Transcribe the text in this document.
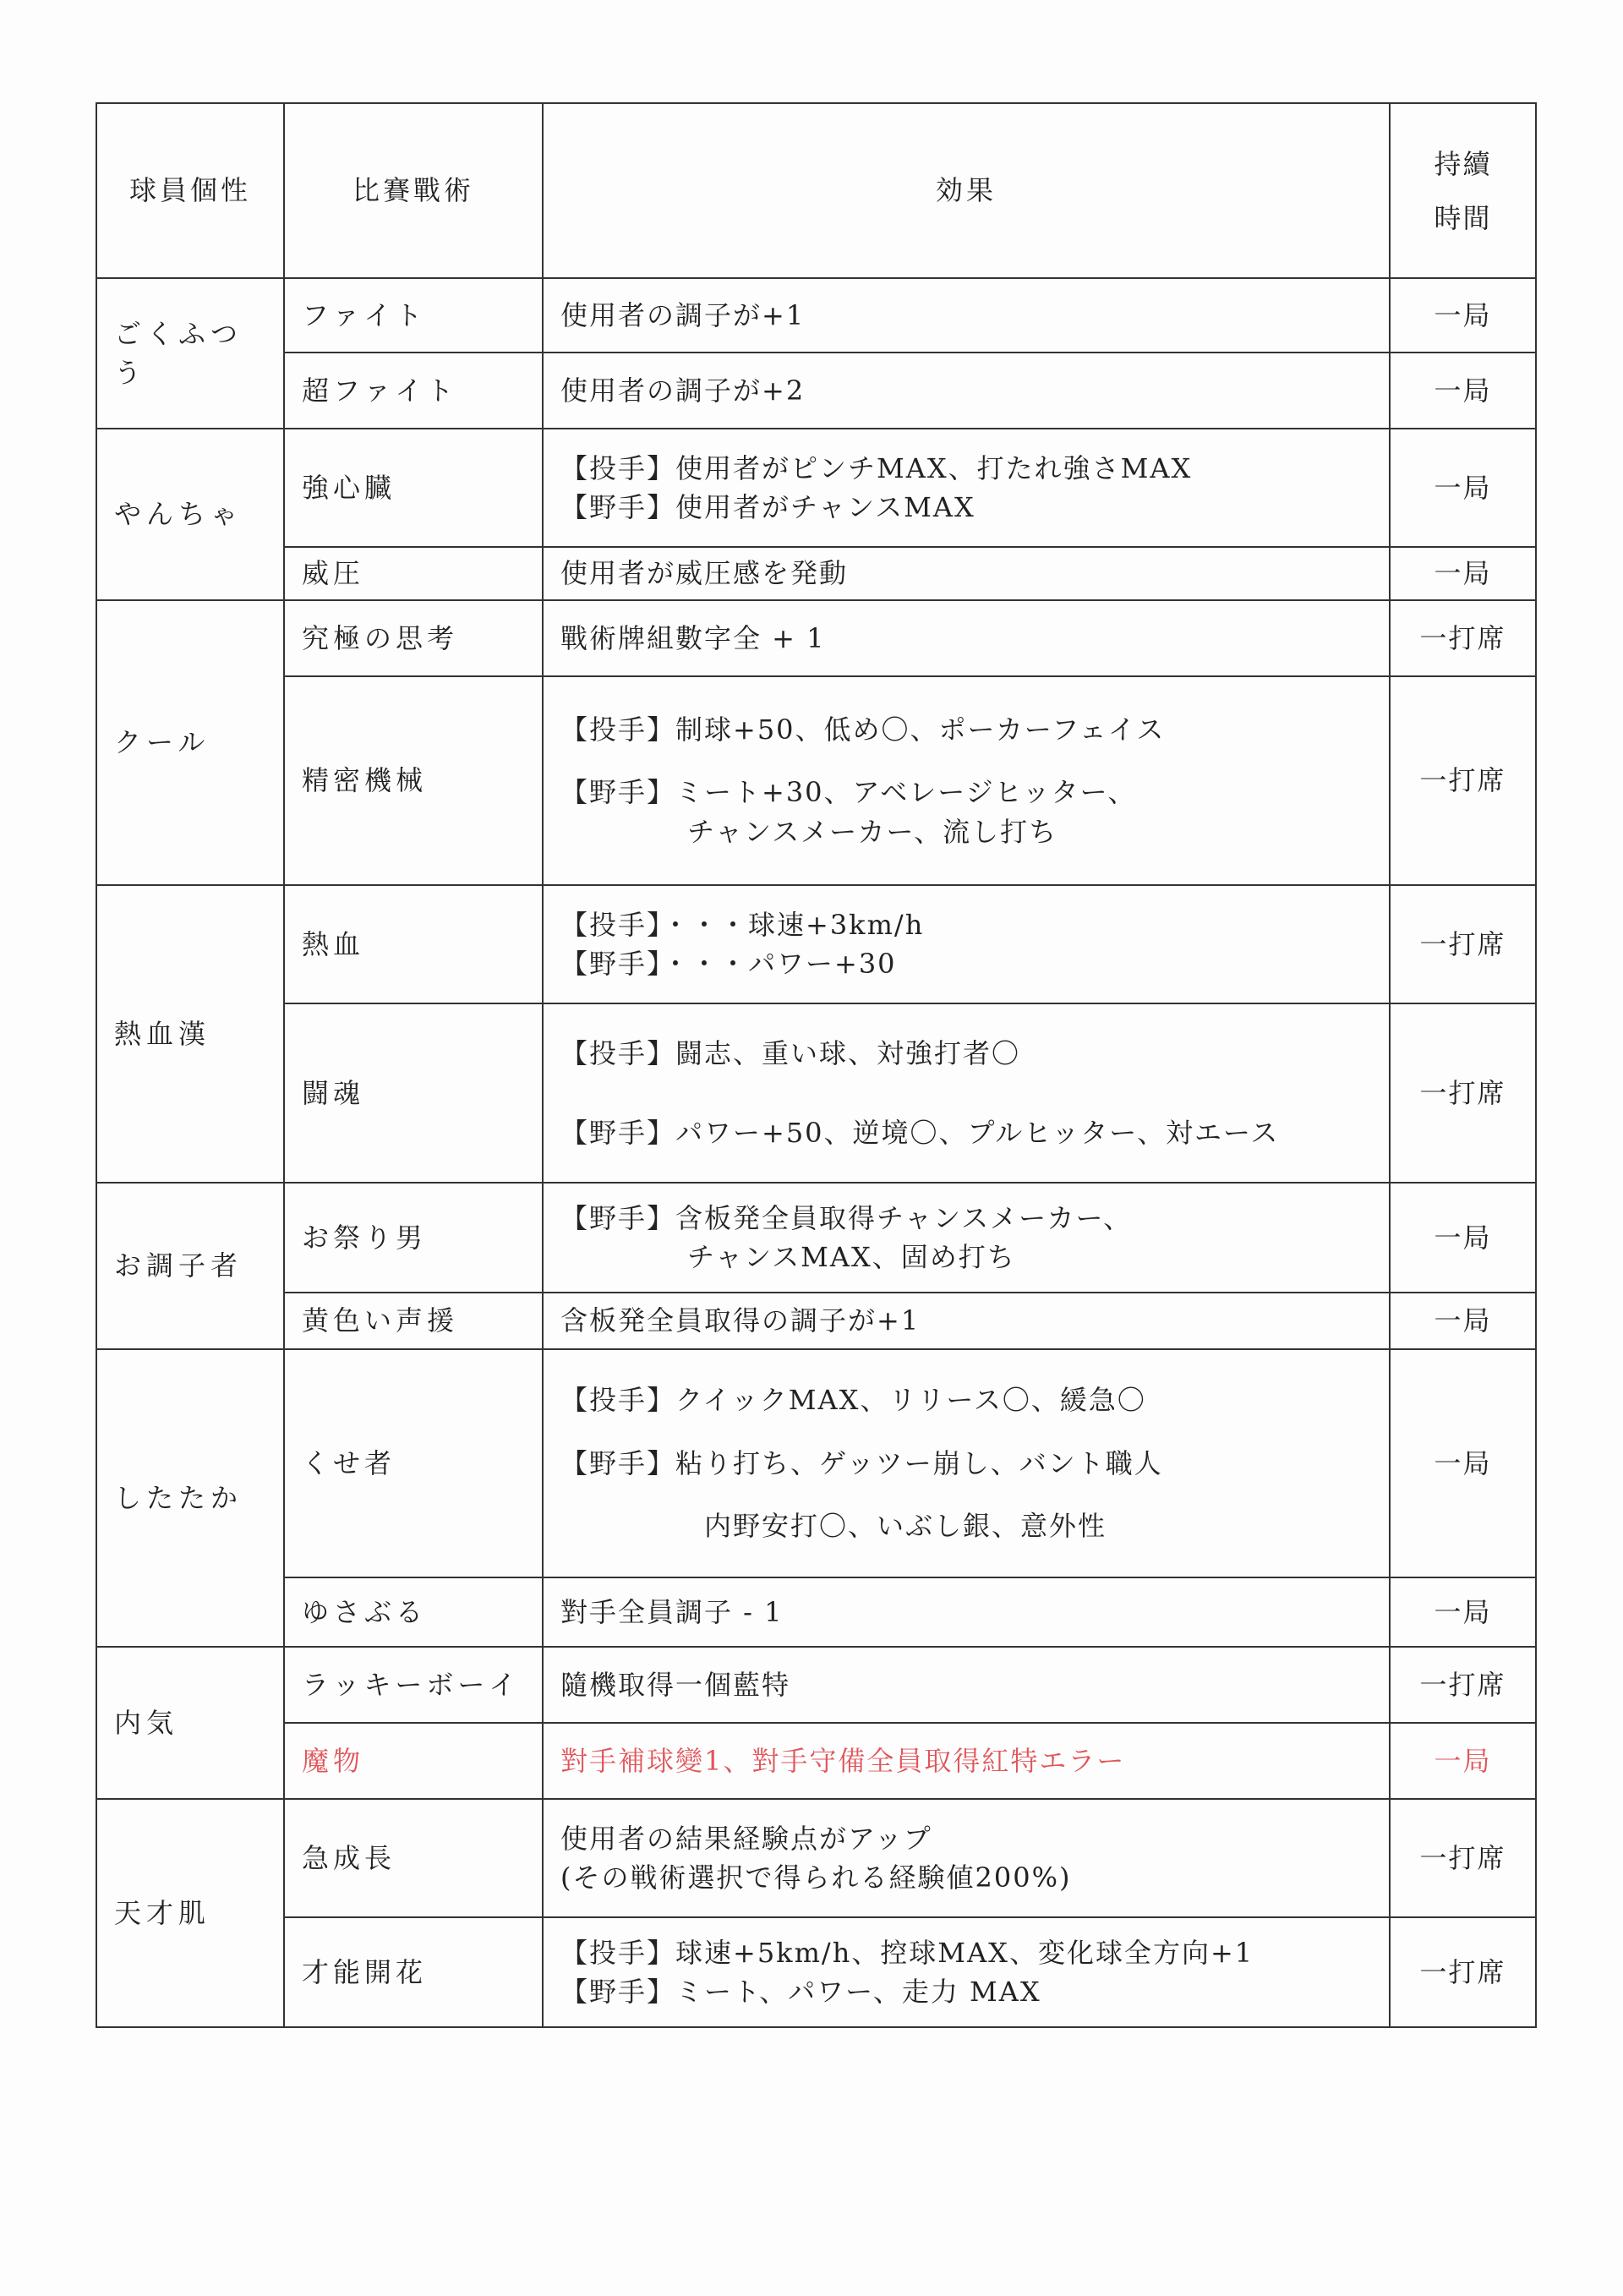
球員個性	比賽戰術	効果	持續
時間
ごくふつう	ファイト	使用者の調子が+1	一局
	超ファイト	使用者の調子が+2	一局
やんちゃ	強心臓	【投手】使用者がピンチMAX、打たれ強さMAX
【野手】使用者がチャンスMAX	一局
	威圧	使用者が威圧感を発動	一局
クール	究極の思考	戰術牌組數字全 + 1	一打席
	精密機械	【投手】制球+50、低め〇、ポーカーフェイス
【野手】ミート+30、アベレージヒッター、
チャンスメーカー、流し打ち	一打席
熱血漢	熱血	【投手】・・・球速+3km/h
【野手】・・・パワー+30	一打席
	闘魂	【投手】闘志、重い球、対強打者〇
【野手】パワー+50、逆境〇、プルヒッター、対エース	一打席
お調子者	お祭り男	【野手】含板発全員取得チャンスメーカー、
チャンスMAX、固め打ち	一局
	黄色い声援	含板発全員取得の調子が+1	一局
したたか	くせ者	【投手】クイックMAX、リリース〇、緩急〇
【野手】粘り打ち、ゲッツー崩し、バント職人
内野安打〇、いぶし銀、意外性	一局
	ゆさぶる	對手全員調子 - 1	一局
内気	ラッキーボーイ	隨機取得一個藍特	一打席
	魔物	對手補球變1、對手守備全員取得紅特エラー	一局
天才肌	急成長	使用者の結果経験点がアップ
(その戦術選択で得られる経験値200%)	一打席
	才能開花	【投手】球速+5km/h、控球MAX、変化球全方向+1
【野手】ミート、パワー、走力 MAX	一打席
